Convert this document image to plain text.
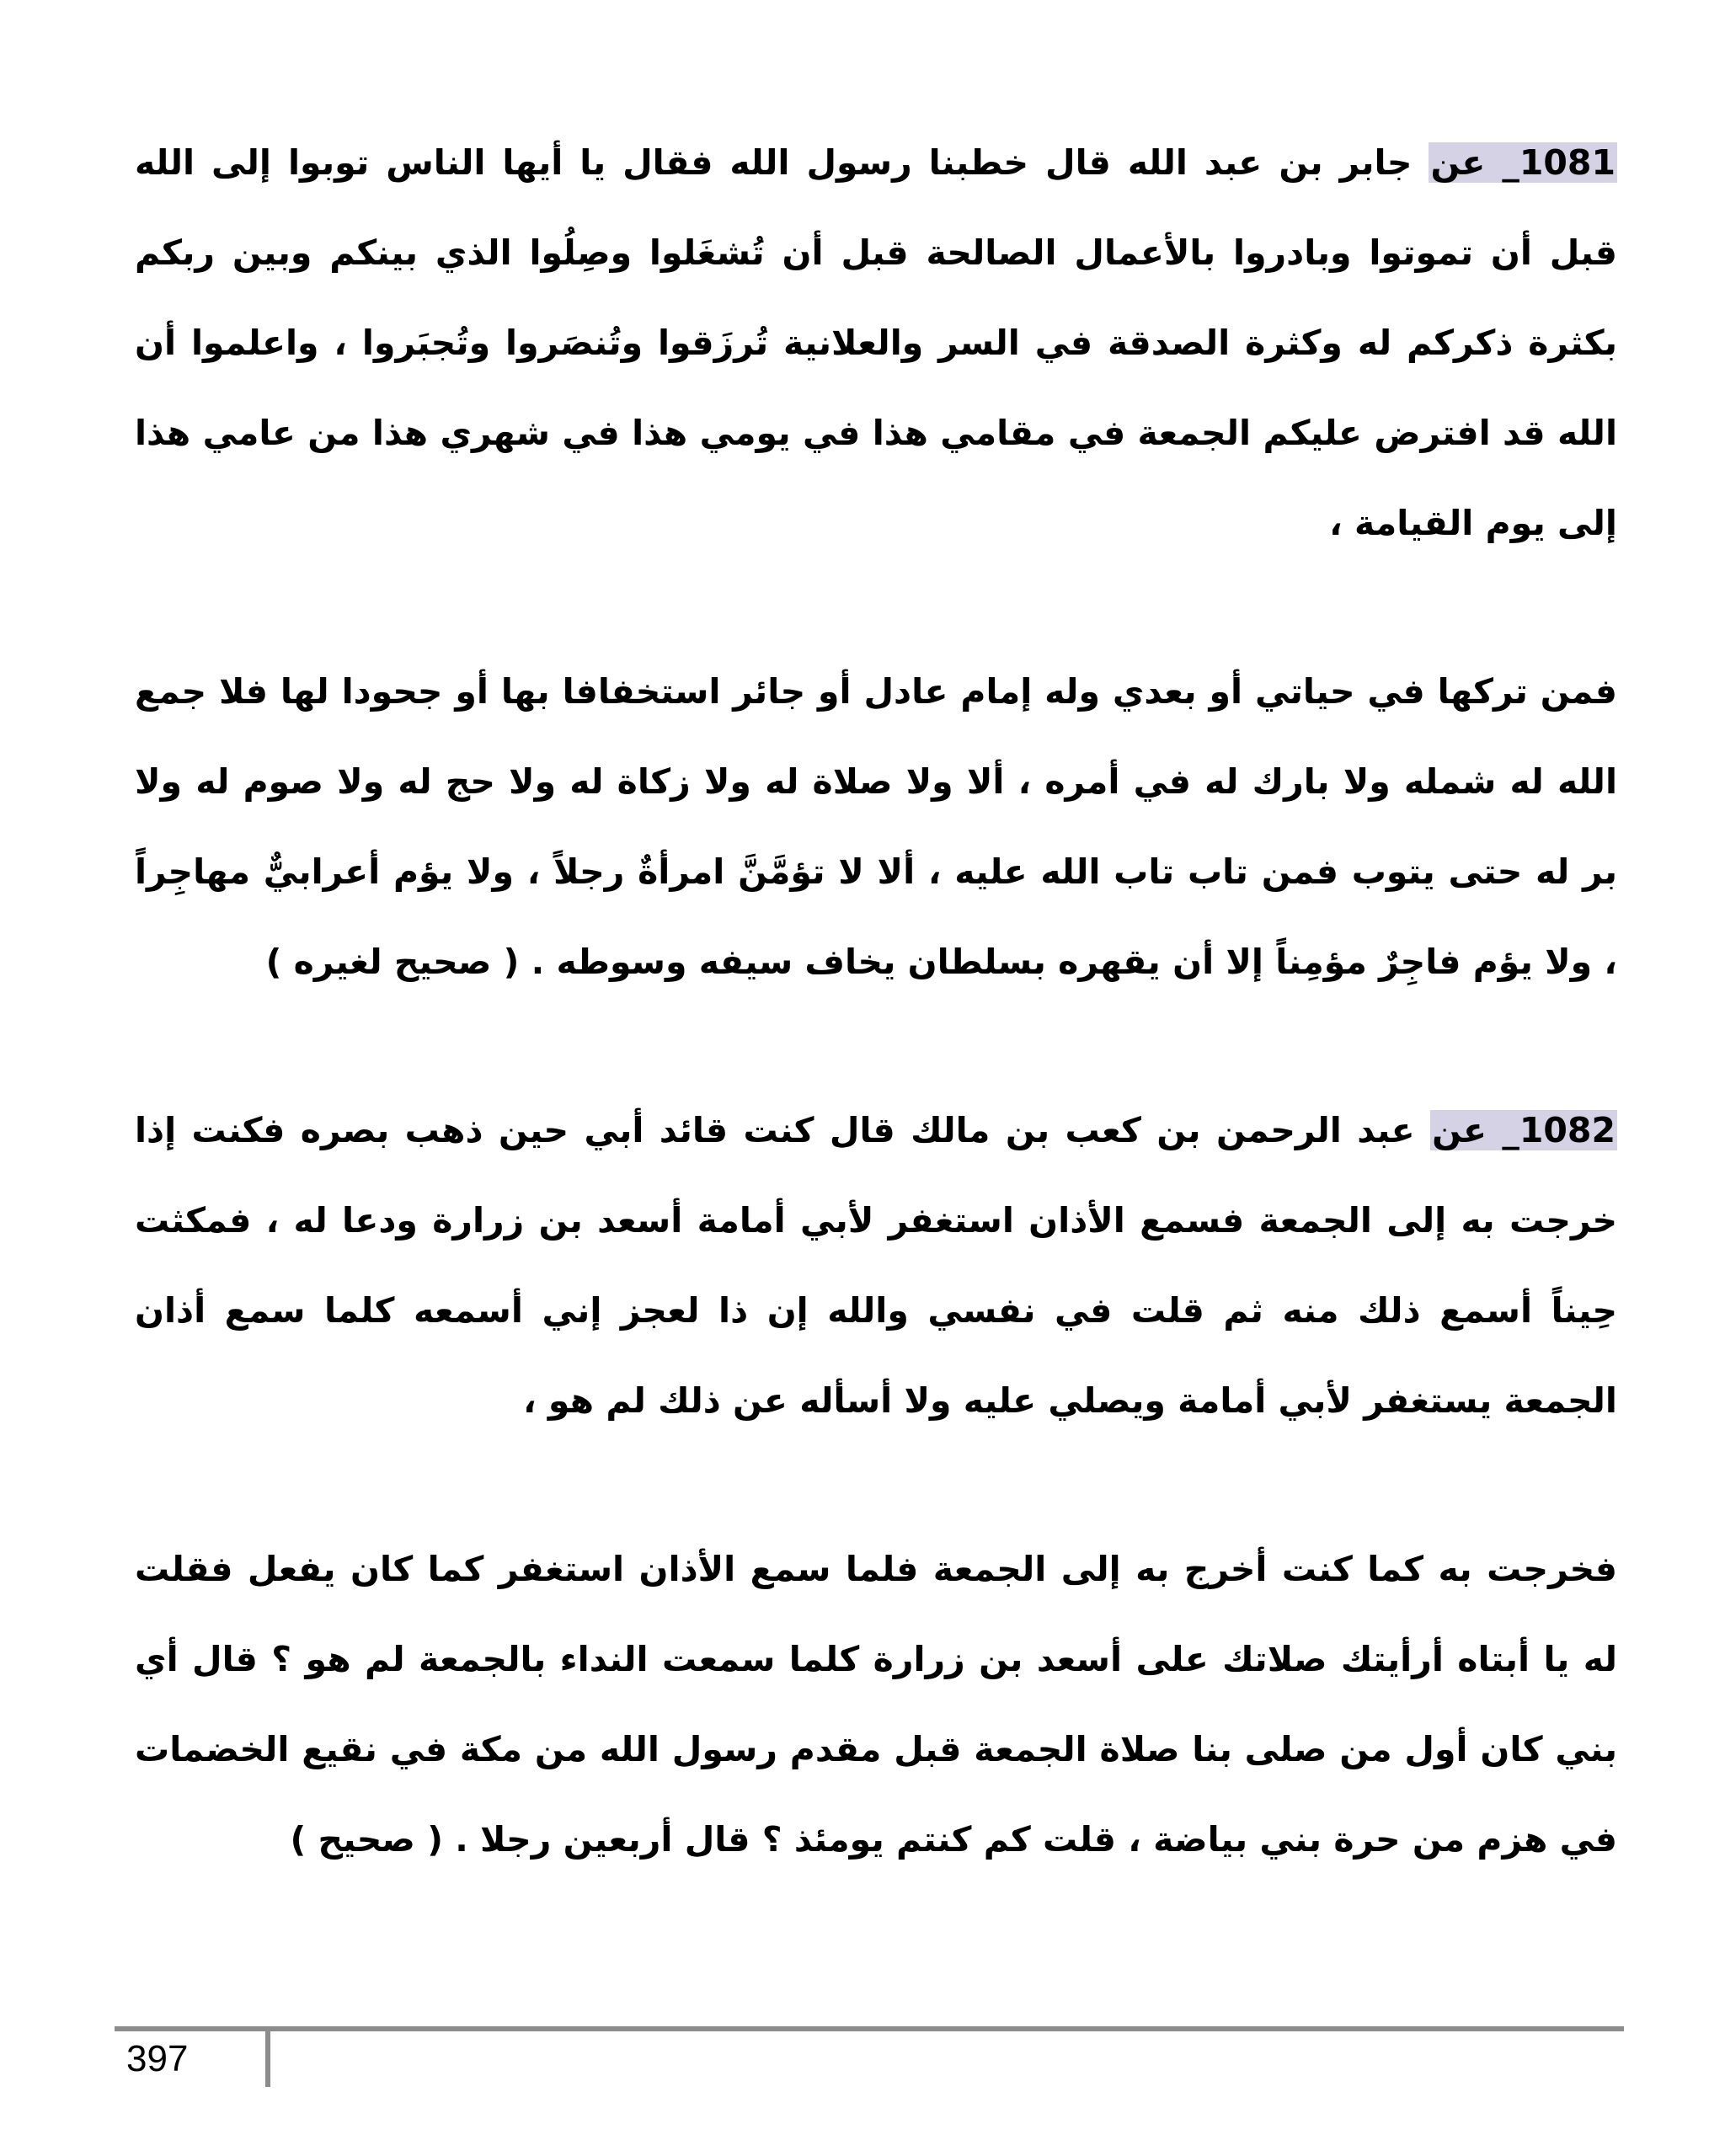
1081_ عن جابر بن عبد الله قال خطبنا رسول الله فقال يا أيها الناس توبوا إلى الله قبل أن تموتوا وبادروا بالأعمال الصالحة قبل أن تُشغَلوا وصِلُوا الذي بينكم وبين ربكم بكثرة ذكركم له وكثرة الصدقة في السر والعلانية تُرزَقوا وتُنصَروا وتُجبَروا ، واعلموا أن الله قد افترض عليكم الجمعة في مقامي هذا في يومي هذا في شهري هذا من عامي هذا إلى يوم القيامة ،

فمن تركها في حياتي أو بعدي وله إمام عادل أو جائر استخفافا بها أو جحودا لها فلا جمع الله له شمله ولا بارك له في أمره ، ألا ولا صلاة له ولا زكاة له ولا حج له ولا صوم له ولا بر له حتى يتوب فمن تاب تاب الله عليه ، ألا لا تؤمَّنَّ امرأةٌ رجلاً ، ولا يؤم أعرابيٌّ مهاجِراً ، ولا يؤم فاجِرٌ مؤمِناً إلا أن يقهره بسلطان يخاف سيفه وسوطه . ( صحيح لغيره )

1082_ عن عبد الرحمن بن كعب بن مالك قال كنت قائد أبي حين ذهب بصره فكنت إذا خرجت به إلى الجمعة فسمع الأذان استغفر لأبي أمامة أسعد بن زرارة ودعا له ، فمكثت حِيناً أسمع ذلك منه ثم قلت في نفسي والله إن ذا لعجز إني أسمعه كلما سمع أذان الجمعة يستغفر لأبي أمامة ويصلي عليه ولا أسأله عن ذلك لم هو ،

فخرجت به كما كنت أخرج به إلى الجمعة فلما سمع الأذان استغفر كما كان يفعل فقلت له يا أبتاه أرأيتك صلاتك على أسعد بن زرارة كلما سمعت النداء بالجمعة لم هو ؟ قال أي بني كان أول من صلى بنا صلاة الجمعة قبل مقدم رسول الله من مكة في نقيع الخضمات في هزم من حرة بني بياضة ، قلت كم كنتم يومئذ ؟ قال أربعين رجلا . ( صحيح )

397
